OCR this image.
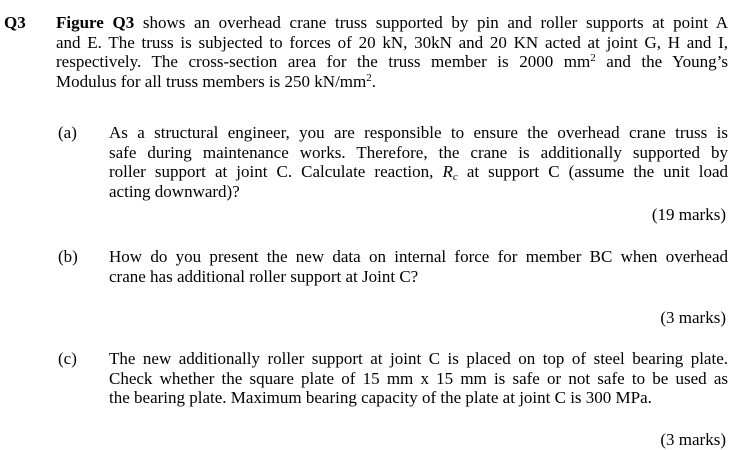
Q3 Figure Q3 shows an overhead crane truss supported by pin and roller supports at point A
and E. The truss is subjected to forces of 20 kN, 30kN and 20 KN acted at joint G, H and I,
respectively. The cross-section area for the truss member is 2000 $mm^2$ and the Young’s
Modulus for all truss members is 250 $kN/mm^2$.
(a) As a structural engineer, you are responsible to ensure the overhead crane truss is
safe during maintenance works. Therefore, the crane is additionally supported by
roller support at joint C. Calculate reaction, $R_c$ at support C (assume the unit load
acting downward)?
(19 marks)
(b) How do you present the new data on internal force for member BC when overhead
crane has additional roller support at Joint C?
(3 marks)
(c) The new additionally roller support at joint C is placed on top of steel bearing plate.
Check whether the square plate of 15 mm x 15 mm is safe or not safe to be used as
the bearing plate. Maximum bearing capacity of the plate at joint C is 300 MPa.
(3 marks)
